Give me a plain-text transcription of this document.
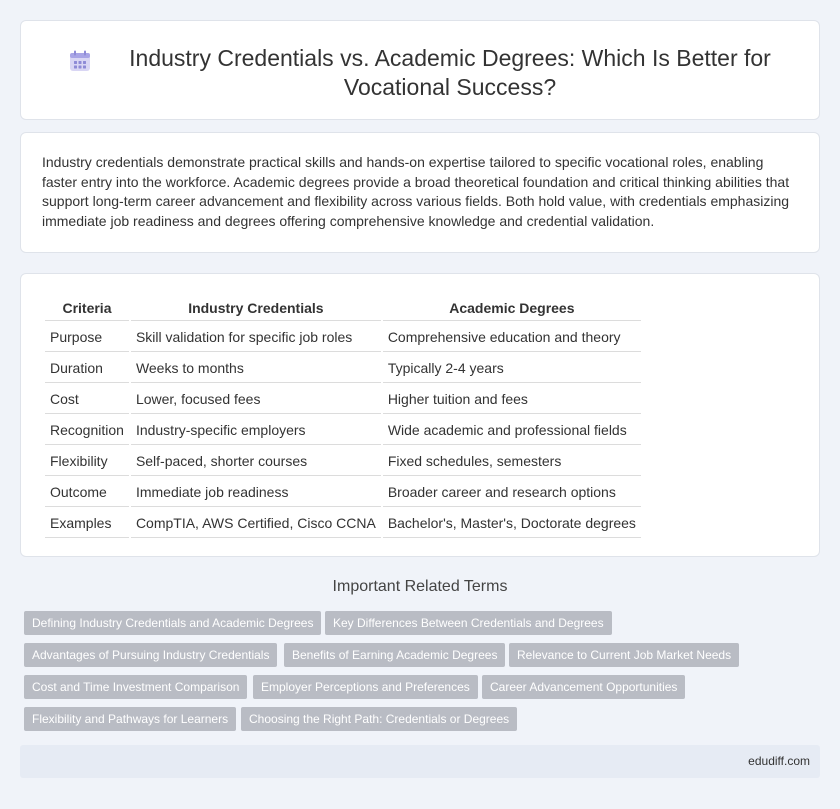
Industry Credentials vs. Academic Degrees: Which Is Better for Vocational Success?

Industry credentials demonstrate practical skills and hands-on expertise tailored to specific vocational roles, enabling faster entry into the workforce. Academic degrees provide a broad theoretical foundation and critical thinking abilities that support long-term career advancement and flexibility across various fields. Both hold value, with credentials emphasizing immediate job readiness and degrees offering comprehensive knowledge and credential validation.

Criteria	Industry Credentials	Academic Degrees
Purpose	Skill validation for specific job roles	Comprehensive education and theory
Duration	Weeks to months	Typically 2-4 years
Cost	Lower, focused fees	Higher tuition and fees
Recognition	Industry-specific employers	Wide academic and professional fields
Flexibility	Self-paced, shorter courses	Fixed schedules, semesters
Outcome	Immediate job readiness	Broader career and research options
Examples	CompTIA, AWS Certified, Cisco CCNA	Bachelor's, Master's, Doctorate degrees
Important Related Terms
Defining Industry Credentials and Academic Degrees	Key Differences Between Credentials and Degrees
Advantages of Pursuing Industry Credentials	Benefits of Earning Academic Degrees	Relevance to Current Job Market Needs
Cost and Time Investment Comparison	Employer Perceptions and Preferences	Career Advancement Opportunities
Flexibility and Pathways for Learners	Choosing the Right Path: Credentials or Degrees
edudiff.com
